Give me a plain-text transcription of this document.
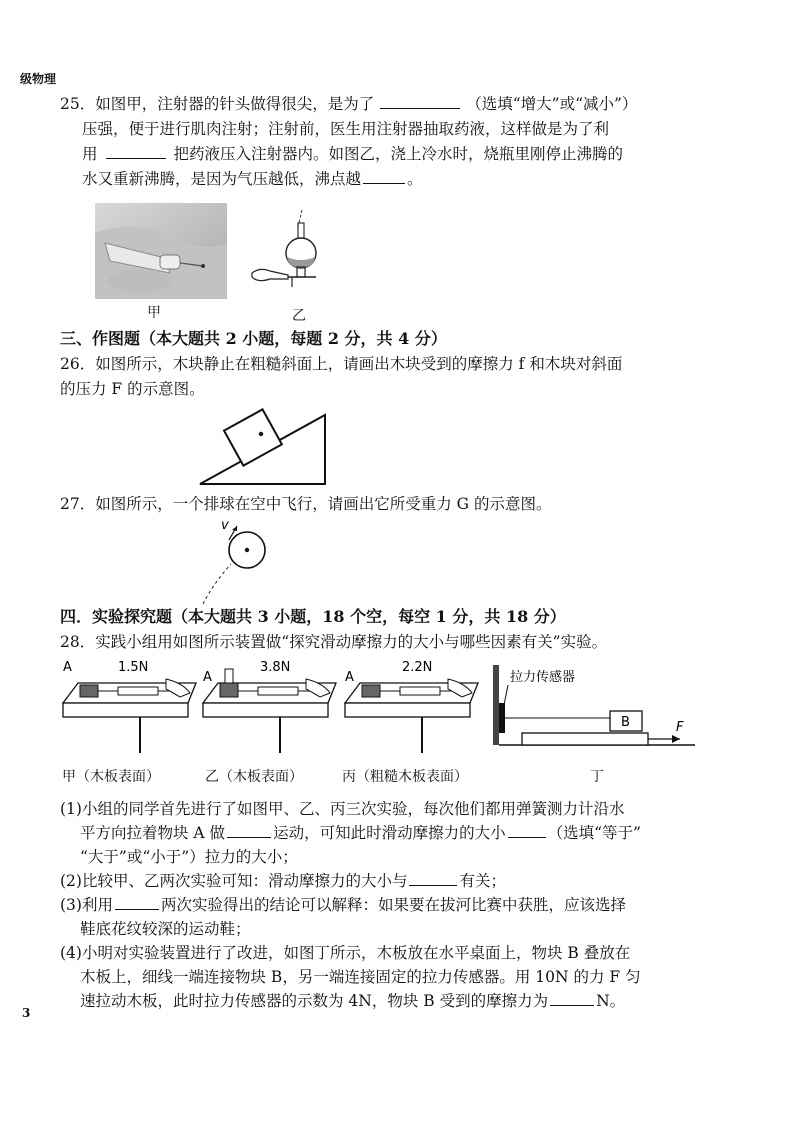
级物理
25．如图甲，注射器的针头做得很尖，是为了	（选填“增大”或“减小”）
压强，便于进行肌肉注射；注射前，医生用注射器抽取药液，这样做是为了利
用	把药液压入注射器内。如图乙，浇上冷水时，烧瓶里刚停止沸腾的
水又重新沸腾，是因为气压越低，沸点越	。
甲	乙
三、作图题（本大题共 2 小题，每题 2 分，共 4 分）
26．如图所示，木块静止在粗糙斜面上，请画出木块受到的摩擦力 f 和木块对斜面
的压力 F 的示意图。
27．如图所示，一个排球在空中飞行，请画出它所受重力 G 的示意图。
v
四．实验探究题（本大题共 3 小题，18 个空，每空 1 分，共 18 分）
28．实践小组用如图所示装置做“探究滑动摩擦力的大小与哪些因素有关”实验。
A	1.5N
A
3.8N
A
2.2N
拉力传感器
B	F
甲（木板表面）	乙（木板表面）	丙（粗糙木板表面）	丁
(1)小组的同学首先进行了如图甲、乙、丙三次实验，每次他们都用弹簧测力计沿水
平方向拉着物块 A 做	运动，可知此时滑动摩擦力的大小	（选填“等于”
“大于”或“小于”）拉力的大小；
(2)比较甲、乙两次实验可知：滑动摩擦力的大小与	有关；
(3)利用	两次实验得出的结论可以解释：如果要在拔河比赛中获胜，应该选择
鞋底花纹较深的运动鞋；
(4)小明对实验装置进行了改进，如图丁所示，木板放在水平桌面上，物块 B 叠放在
木板上，细线一端连接物块 B，另一端连接固定的拉力传感器。用 10N 的力 F 匀
速拉动木板，此时拉力传感器的示数为 4N，物块 B 受到的摩擦力为	N。
3
